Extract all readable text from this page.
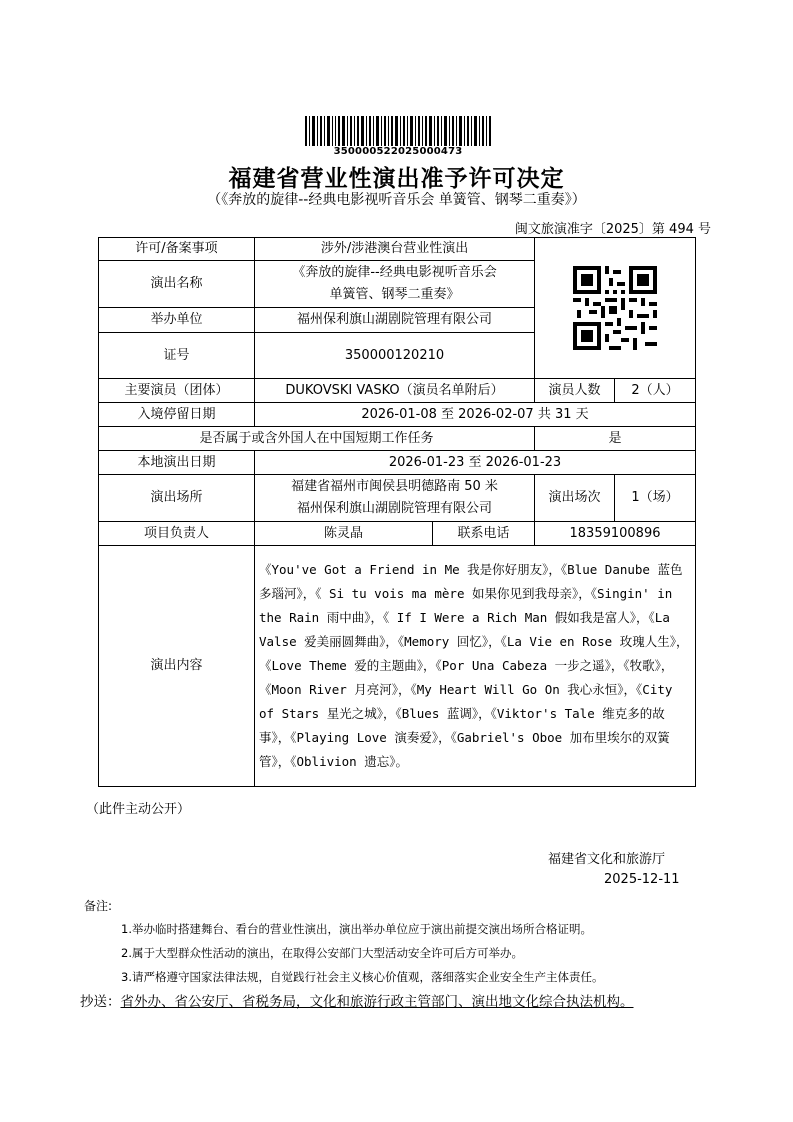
350000522025000473
福建省营业性演出准予许可决定
（《奔放的旋律--经典电影视听音乐会 单簧管、钢琴二重奏》）
闽文旅演准字〔2025〕第 494 号
许可/备案事项	涉外/涉港澳台营业性演出	

演出名称	《奔放的旋律--经典电影视听音乐会
单簧管、钢琴二重奏》			

举办单位	福州保利旗山湖剧院管理有限公司			
证号	350000120210			
主要演员（团体）	DUKOVSKI VASKO（演员名单附后）		演员人数	2（人）
入境停留日期	2026-01-08 至 2026-02-07 共 31 天			
是否属于或含外国人在中国短期工作任务			是	
本地演出日期	2026-01-23 至 2026-01-23			
演出场所	福建省福州市闽侯县明德路南 50 米
福州保利旗山湖剧院管理有限公司		演出场次	1（场）
项目负责人	陈灵晶	联系电话	18359100896	
演出内容	《You've Got a Friend in Me 我是你好朋友》，《Blue Danube 蓝色多瑙河》，《 Si tu vois ma mère 如果你见到我母亲》，《Singin' in the Rain 雨中曲》，《 If I Were a Rich Man 假如我是富人》，《La Valse 爱美丽圆舞曲》，《Memory 回忆》，《La Vie en Rose 玫瑰人生》，《Love Theme 爱的主题曲》，《Por Una Cabeza 一步之遥》，《牧歌》，《Moon River 月亮河》，《My Heart Will Go On 我心永恒》，《City of Stars 星光之城》，《Blues 蓝调》，《Viktor's Tale 维克多的故事》，《Playing Love 演奏爱》，《Gabriel's Oboe 加布里埃尔的双簧管》，《Oblivion 遗忘》。			
（此件主动公开）
福建省文化和旅游厅
2025-12-11
备注:
1.举办临时搭建舞台、看台的营业性演出，演出举办单位应于演出前提交演出场所合格证明。
2.属于大型群众性活动的演出，在取得公安部门大型活动安全许可后方可举办。
3.请严格遵守国家法律法规，自觉践行社会主义核心价值观，落细落实企业安全生产主体责任。
抄送：省外办、省公安厅、省税务局，文化和旅游行政主管部门、演出地文化综合执法机构。
